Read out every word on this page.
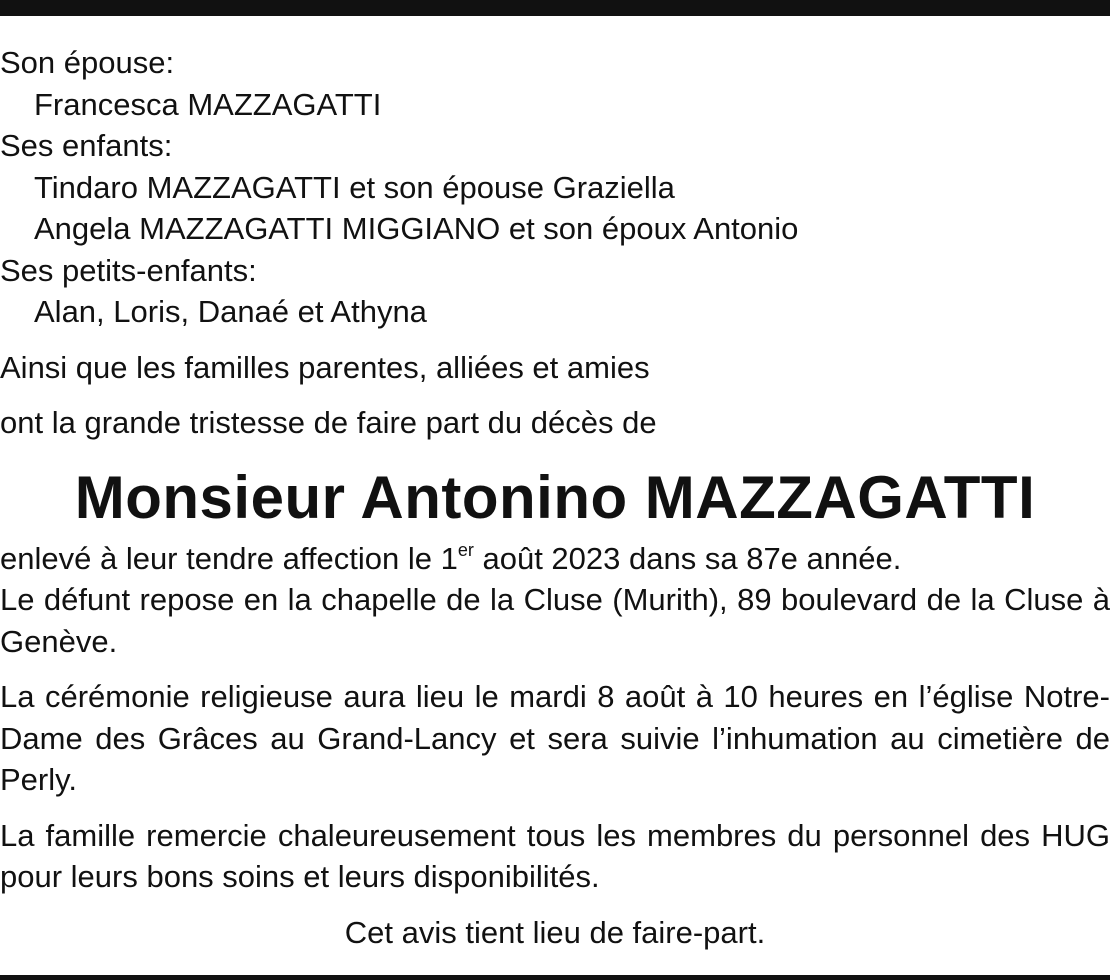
Son épouse:

Francesca MAZZAGATTI

Ses enfants:

Tindaro MAZZAGATTI et son épouse Graziella

Angela MAZZAGATTI MIGGIANO et son époux Antonio

Ses petits-enfants:

Alan, Loris, Danaé et Athyna

Ainsi que les familles parentes, alliées et amies

ont la grande tristesse de faire part du décès de

Monsieur Antonino MAZZAGATTI

enlevé à leur tendre affection le 1er août 2023 dans sa 87e année.

Le défunt repose en la chapelle de la Cluse (Murith), 89 boulevard de la Cluse à Genève.

La cérémonie religieuse aura lieu le mardi 8 août à 10 heures en l’église Notre-Dame des Grâces au Grand-Lancy et sera suivie l’inhumation au cimetière de Perly.

La famille remercie chaleureusement tous les membres du personnel des HUG pour leurs bons soins et leurs disponibilités.

Cet avis tient lieu de faire-part.
